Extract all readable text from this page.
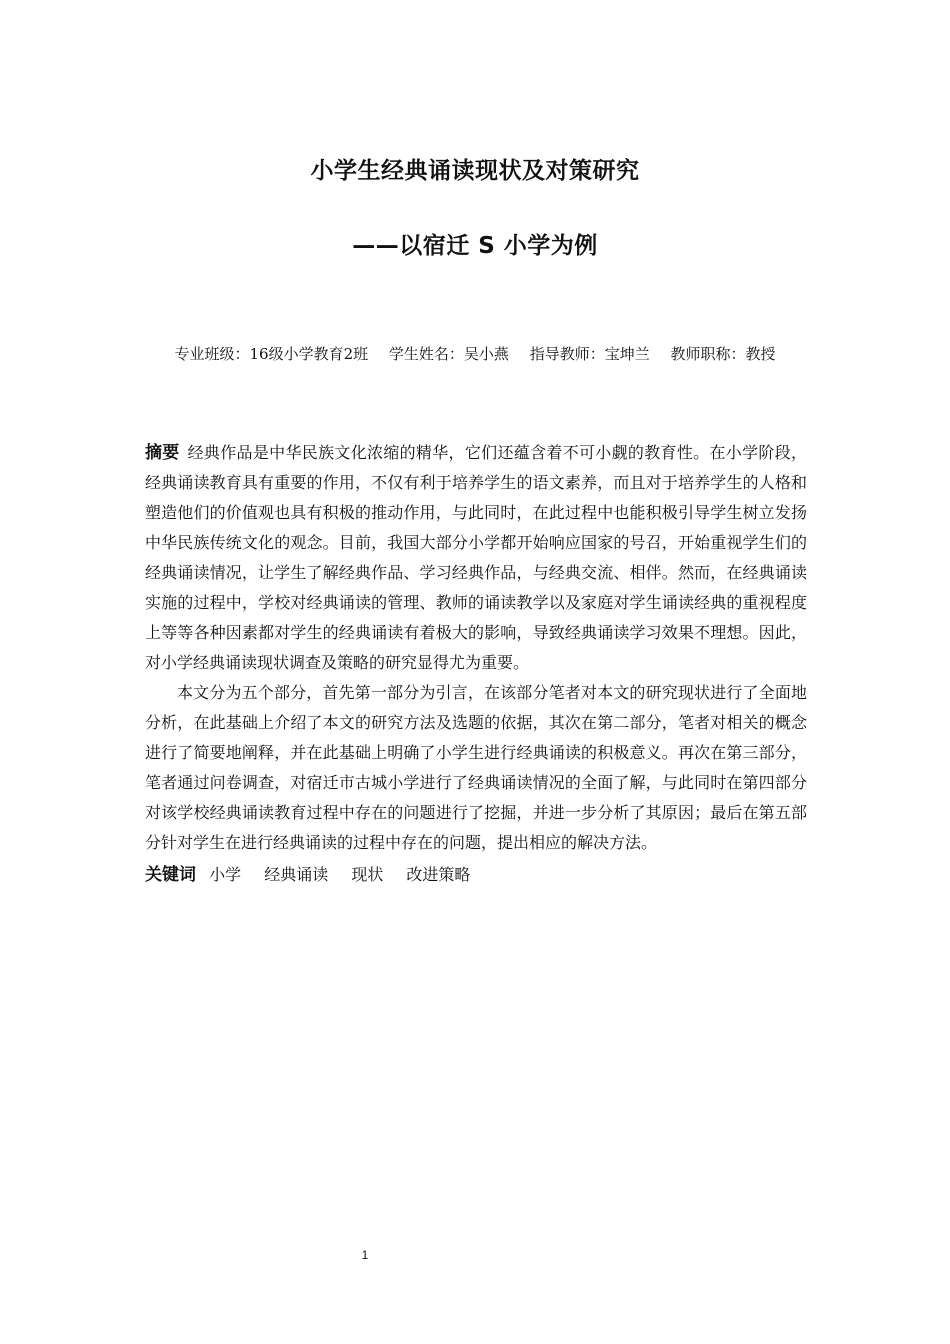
小学生经典诵读现状及对策研究
——以宿迁 S 小学为例
专业班级：16级小学教育2班 学生姓名：吴小燕 指导教师：宝坤兰 教师职称：教授

摘要 经典作品是中华民族文化浓缩的精华，它们还蕴含着不可小觑的教育性。在小学阶段，经典诵读教育具有重要的作用，不仅有利于培养学生的语文素养，而且对于培养学生的人格和塑造他们的价值观也具有积极的推动作用，与此同时，在此过程中也能积极引导学生树立发扬中华民族传统文化的观念。目前，我国大部分小学都开始响应国家的号召，开始重视学生们的经典诵读情况，让学生了解经典作品、学习经典作品，与经典交流、相伴。然而，在经典诵读实施的过程中，学校对经典诵读的管理、教师的诵读教学以及家庭对学生诵读经典的重视程度上等等各种因素都对学生的经典诵读有着极大的影响，导致经典诵读学习效果不理想。因此，对小学经典诵读现状调查及策略的研究显得尤为重要。

本文分为五个部分，首先第一部分为引言，在该部分笔者对本文的研究现状进行了全面地分析，在此基础上介绍了本文的研究方法及选题的依据，其次在第二部分，笔者对相关的概念进行了简要地阐释，并在此基础上明确了小学生进行经典诵读的积极意义。再次在第三部分，笔者通过问卷调查，对宿迁市古城小学进行了经典诵读情况的全面了解，与此同时在第四部分对该学校经典诵读教育过程中存在的问题进行了挖掘，并进一步分析了其原因；最后在第五部分针对学生在进行经典诵读的过程中存在的问题，提出相应的解决方法。

关键词 小学 经典诵读 现状 改进策略

1
